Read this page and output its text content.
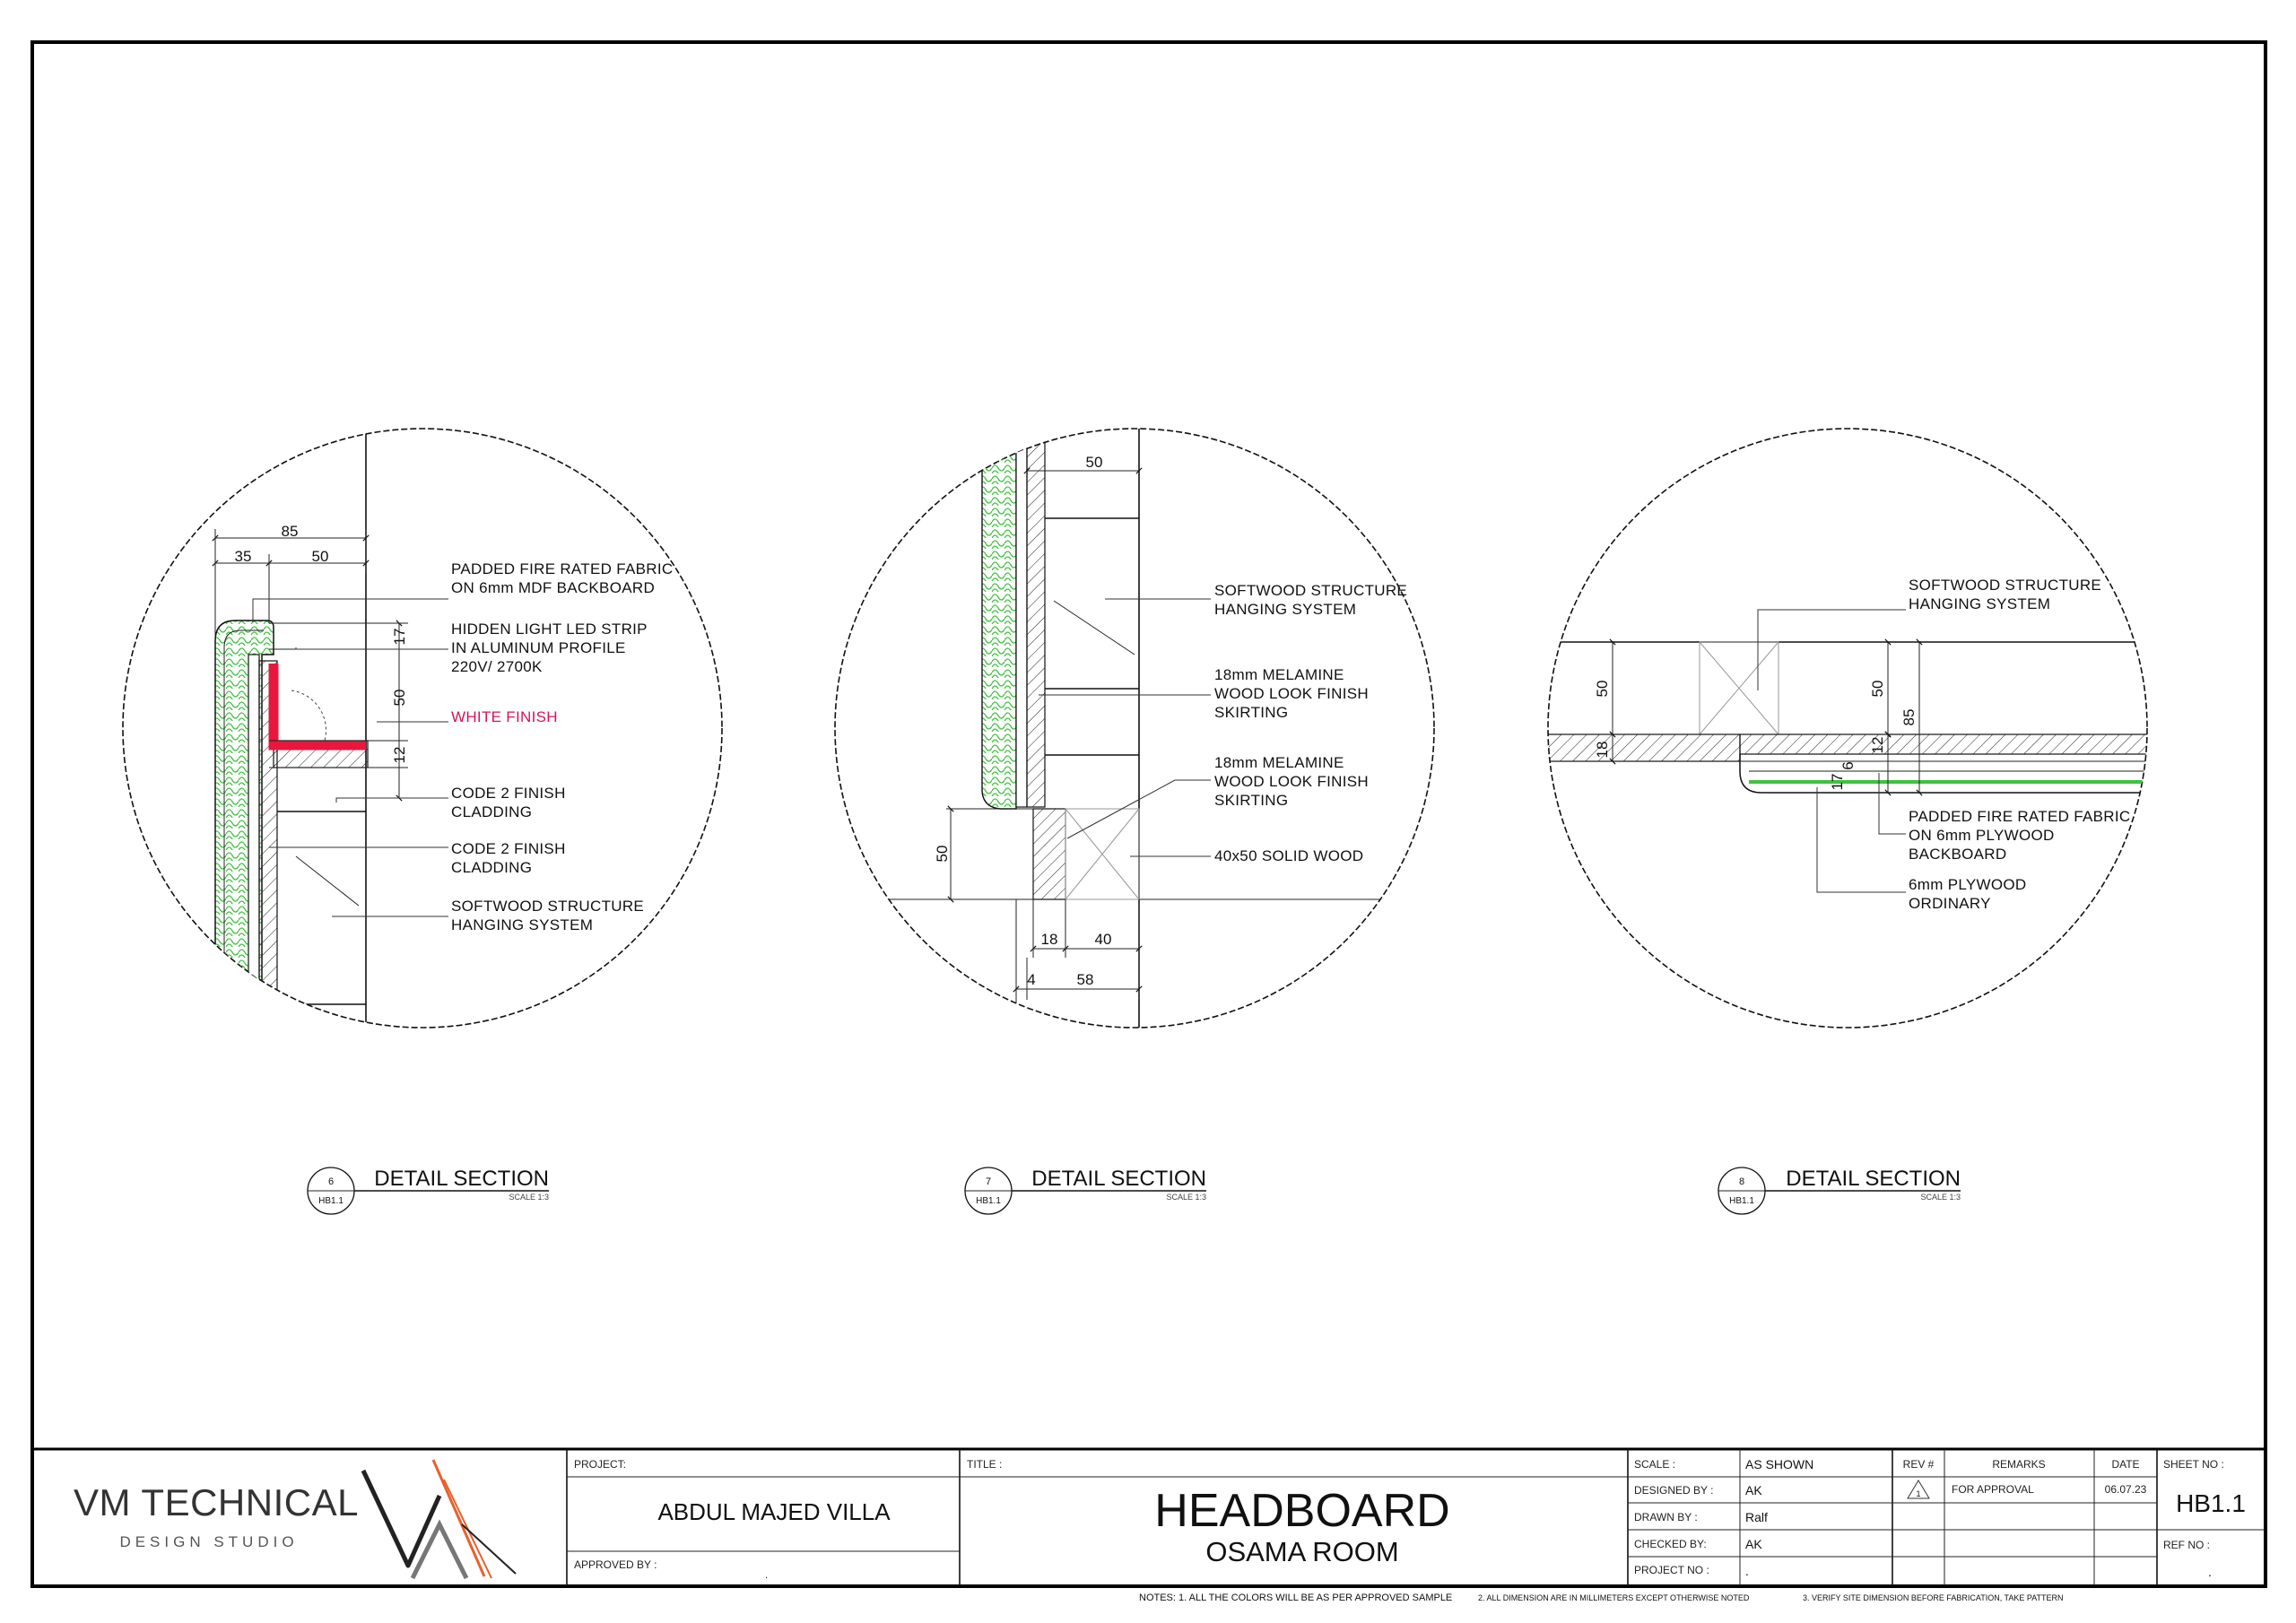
85
35	50
17
50
12
PADDED FIRE RATED FABRIC
ON 6mm MDF BACKBOARD
HIDDEN LIGHT LED STRIP
IN ALUMINUM PROFILE
220V/ 2700K
WHITE FINISH
CODE 2 FINISH
CLADDING
CODE 2 FINISH
CLADDING
SOFTWOOD STRUCTURE
HANGING SYSTEM
6
HB1.1
DETAIL SECTION
SCALE 1:3
50
50
18 40
4	58
SOFTWOOD STRUCTURE
HANGING SYSTEM
18mm MELAMINE
WOOD LOOK FINISH
SKIRTING
18mm MELAMINE
WOOD LOOK FINISH
SKIRTING
40x50 SOLID WOOD
7
HB1.1
DETAIL SECTION
SCALE 1:3
50
18
50
85
12
6
17
SOFTWOOD STRUCTURE
HANGING SYSTEM
PADDED FIRE RATED FABRIC
ON 6mm PLYWOOD
BACKBOARD
6mm PLYWOOD
ORDINARY
8
HB1.1
DETAIL SECTION
SCALE 1:3
VM TECHNICAL
DESIGN STUDIO
PROJECT:
ABDUL MAJED VILLA
APPROVED BY :
.
TITLE :
HEADBOARD
OSAMA ROOM
SCALE :	AS SHOWN
DESIGNED BY :	AK
DRAWN BY :	Ralf
CHECKED BY:	AK
PROJECT NO :	.
REV #	REMARKS	DATE SHEET NO :
1	FOR APPROVAL	06.07.23 HB1.1
REF NO :
.
NOTES: 1. ALL THE COLORS WILL BE AS PER APPROVED SAMPLE	2. ALL DIMENSION ARE IN MILLIMETERS EXCEPT OTHERWISE NOTED	3. VERIFY SITE DIMENSION BEFORE FABRICATION, TAKE PATTERN
